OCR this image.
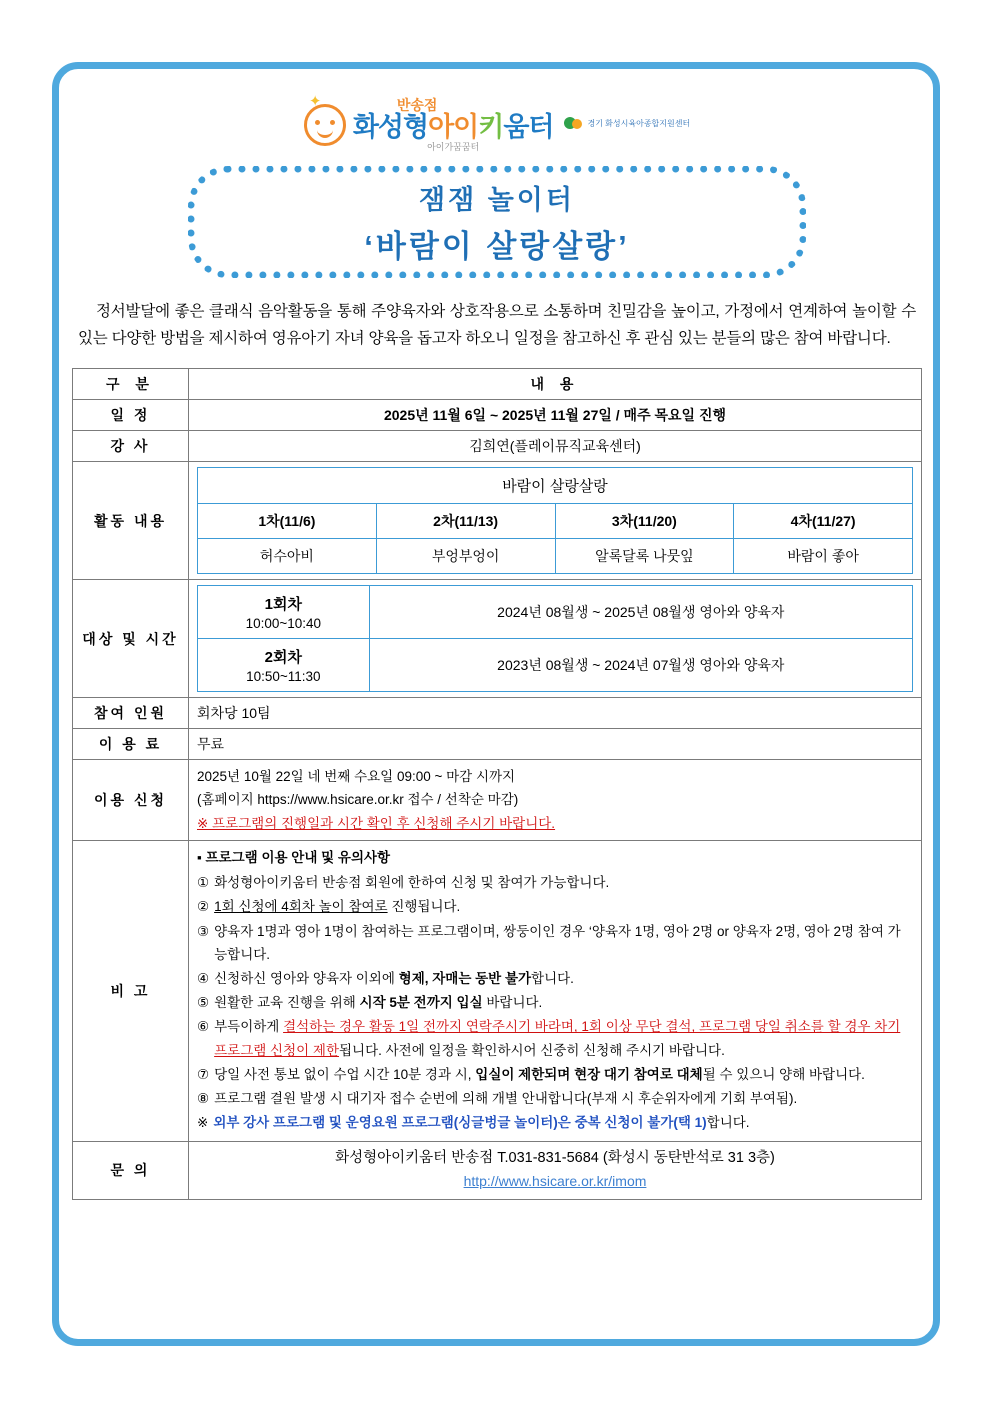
✦	반송점
화성형아이키움터
아이가꿈꿈터
경기 화성시육아종합지원센터
잼잼 놀이터
‘바람이 살랑살랑’
정서발달에 좋은 클래식 음악활동을 통해 주양육자와 상호작용으로 소통하며 친밀감을 높이고, 가정에서 연계하여 놀이할 수 있는 다양한 방법을 제시하여 영유아기 자녀 양육을 돕고자 하오니 일정을 참고하신 후 관심 있는 분들의 많은 참여 바랍니다.
구 분	내 용
일 정	2025년 11월 6일 ~ 2025년 11월 27일 / 매주 목요일 진행
강 사	김희연(플레이뮤직교육센터)
활동 내용	
바람이 살랑살랑
1차(11/6)	2차(11/13)	3차(11/20)	4차(11/27)
허수아비	부엉부엉이	알록달록 나뭇잎	바람이 좋아

대상 및 시간	
1회차	2024년 08월생 ~ 2025년 08월생 영아와 양육자
10:00~10:40
2회차	2023년 08월생 ~ 2024년 07월생 영아와 양육자
10:50~11:30

참여 인원	회차당 10팀
이 용 료	무료
이용 신청	
2025년 10월 22일 네 번째 수요일 09:00 ~ 마감 시까지
(홈페이지 https://www.hsicare.or.kr 접수 / 선착순 마감)
※ 프로그램의 진행일과 시간 확인 후 신청해 주시기 바랍니다.

비 고	
▪ 프로그램 이용 안내 및 유의사항
① 화성형아이키움터 반송점 회원에 한하여 신청 및 참여가 가능합니다.
② 1회 신청에 4회차 놀이 참여로 진행됩니다.
③ 양육자 1명과 영아 1명이 참여하는 프로그램이며, 쌍둥이인 경우 ‘양육자 1명, 영아 2명 or 양육자 2명, 영아 2명 참여 가능합니다.
④ 신청하신 영아와 양육자 이외에 형제, 자매는 동반 불가합니다.
⑤ 원활한 교육 진행을 위해 시작 5분 전까지 입실 바랍니다.
⑥ 부득이하게 결석하는 경우 활동 1일 전까지 연락주시기 바라며, 1회 이상 무단 결석, 프로그램 당일 취소를 할 경우 차기 프로그램 신청이 제한됩니다. 사전에 일정을 확인하시어 신중히 신청해 주시기 바랍니다.
⑦ 당일 사전 통보 없이 수업 시간 10분 경과 시, 입실이 제한되며 현장 대기 참여로 대체될 수 있으니 양해 바랍니다.
⑧ 프로그램 결원 발생 시 대기자 접수 순번에 의해 개별 안내합니다(부재 시 후순위자에게 기회 부여됨).
※ 외부 강사 프로그램 및 운영요원 프로그램(싱글벙글 놀이터)은 중복 신청이 불가(택 1)합니다.

문 의	
화성형아이키움터 반송점 T.031-831-5684 (화성시 동탄반석로 31 3층)
http://www.hsicare.or.kr/imom
